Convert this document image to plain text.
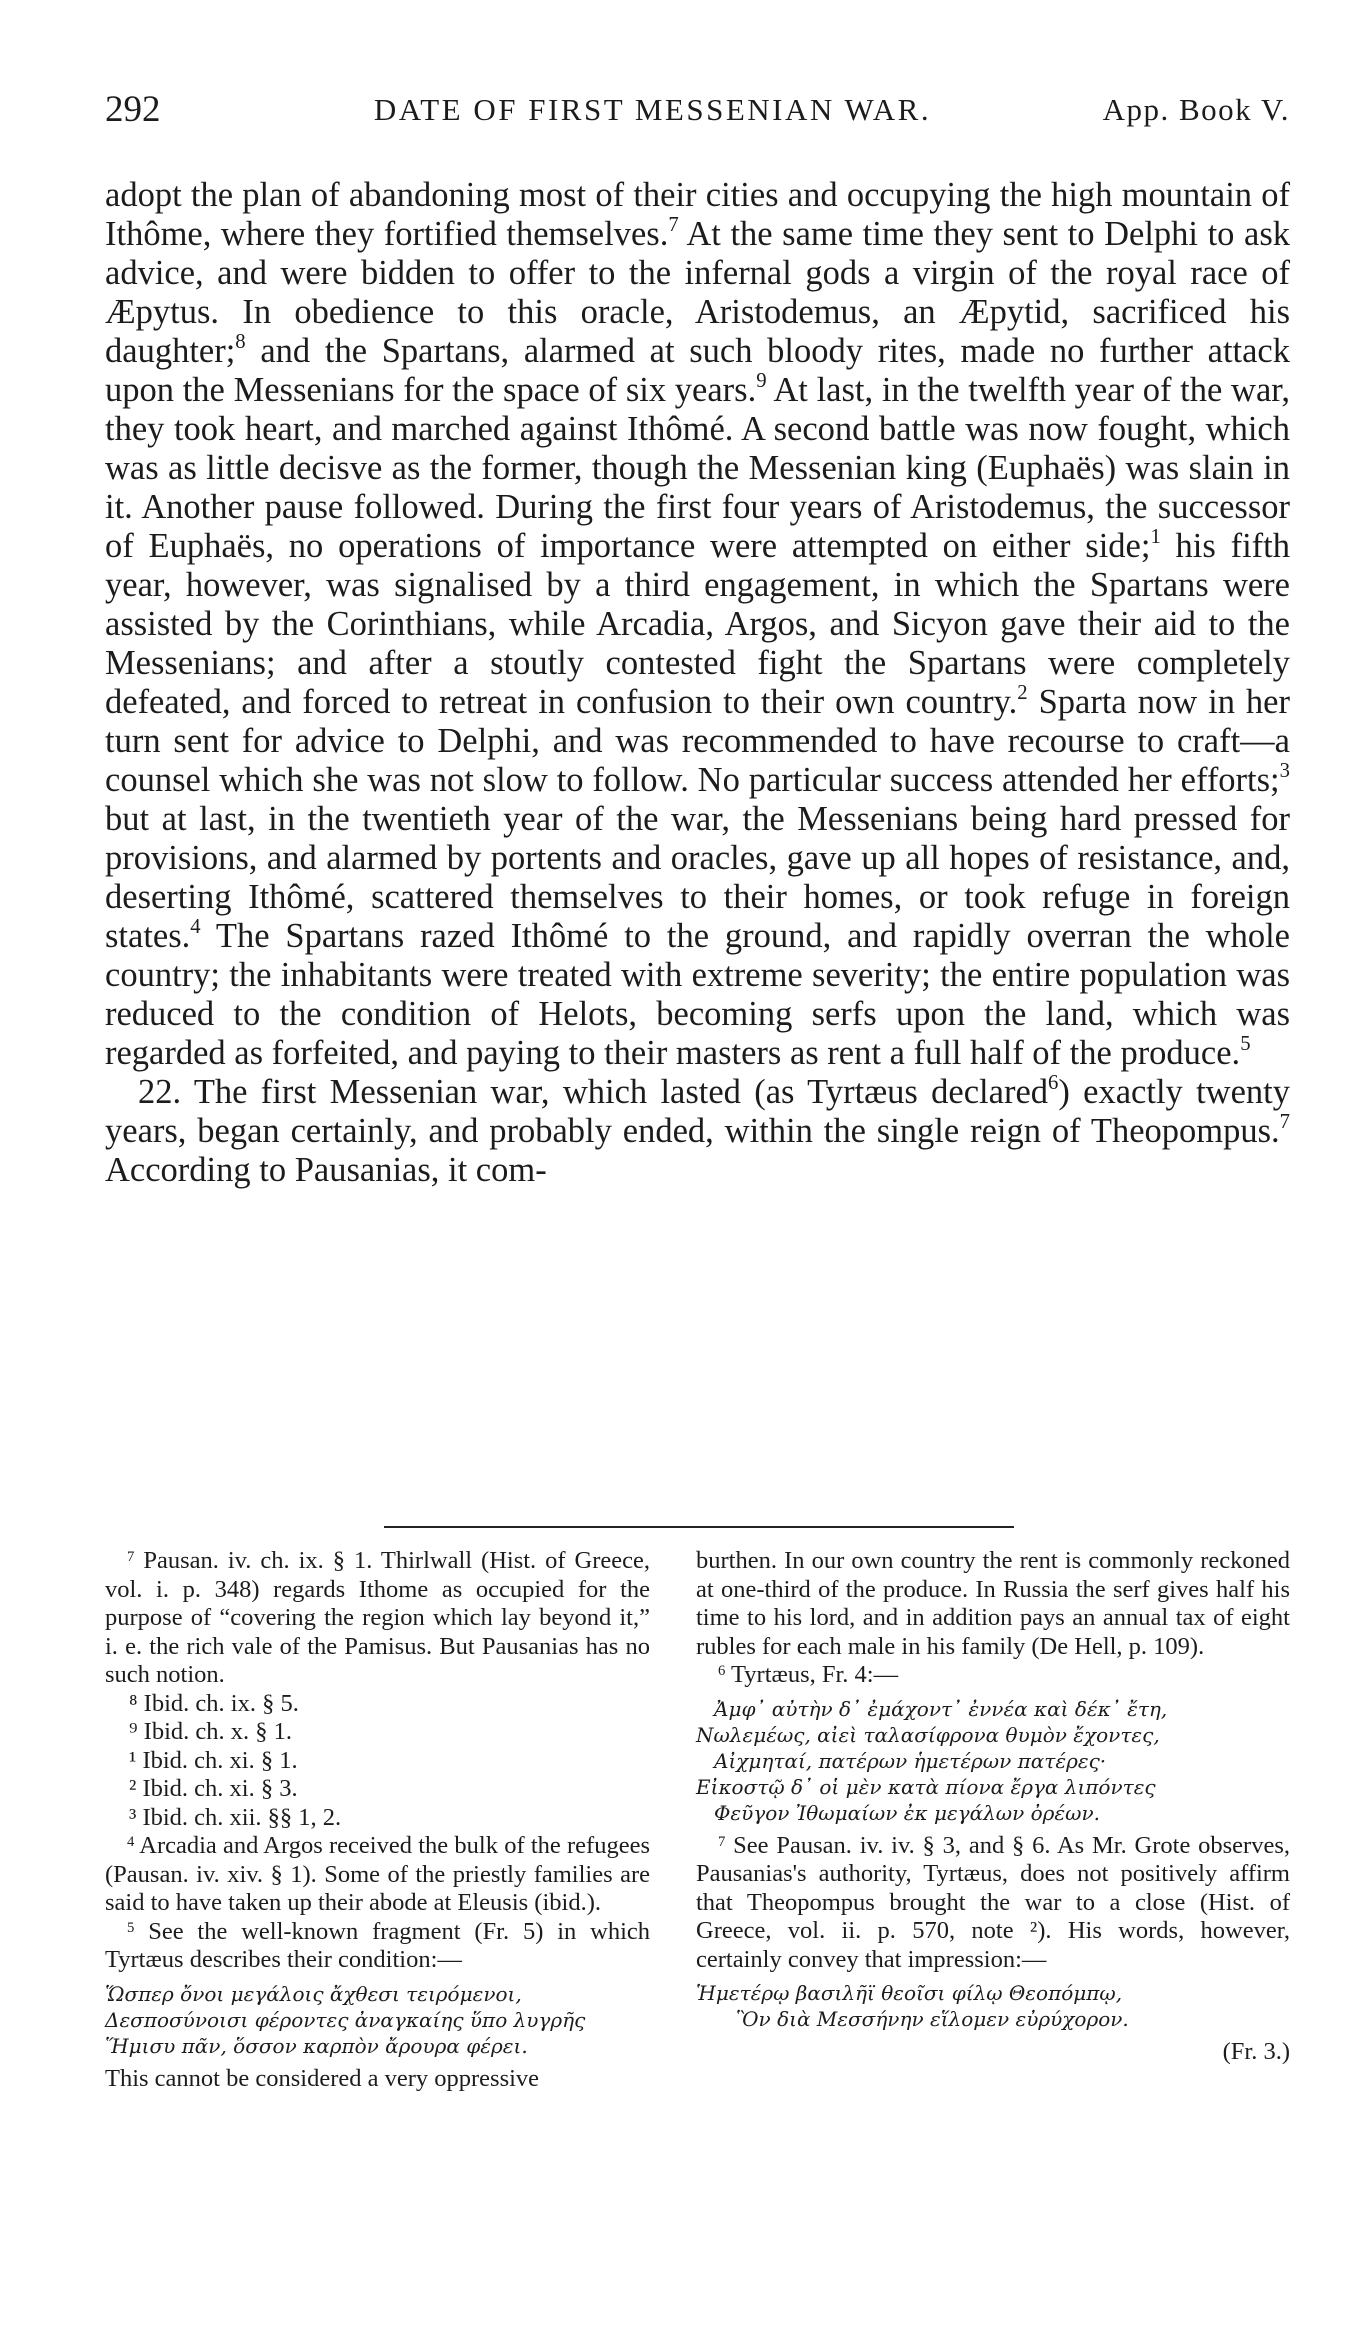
292	DATE OF FIRST MESSENIAN WAR.	App. Book V.

adopt the plan of abandoning most of their cities and occupying the high mountain of Ithôme, where they fortified themselves.$^7$ At the same time they sent to Delphi to ask advice, and were bidden to offer to the infernal gods a virgin of the royal race of Æpytus. In obedience to this oracle, Aristodemus, an Æpytid, sacrificed his daughter;$^8$ and the Spartans, alarmed at such bloody rites, made no further attack upon the Messenians for the space of six years.$^9$ At last, in the twelfth year of the war, they took heart, and marched against Ithômé. A second battle was now fought, which was as little decisve as the former, though the Messenian king (Euphaës) was slain in it. Another pause followed. During the first four years of Aristodemus, the successor of Euphaës, no operations of importance were attempted on either side;$^1$ his fifth year, however, was signalised by a third engagement, in which the Spartans were assisted by the Corinthians, while Arcadia, Argos, and Sicyon gave their aid to the Messenians; and after a stoutly contested fight the Spartans were completely defeated, and forced to retreat in confusion to their own country.$^2$ Sparta now in her turn sent for advice to Delphi, and was recommended to have recourse to craft—a counsel which she was not slow to follow. No particular success attended her efforts;$^3$ but at last, in the twentieth year of the war, the Messenians being hard pressed for provisions, and alarmed by portents and oracles, gave up all hopes of resistance, and, deserting Ithômé, scattered themselves to their homes, or took refuge in foreign states.$^4$ The Spartans razed Ithômé to the ground, and rapidly overran the whole country; the inhabitants were treated with extreme severity; the entire population was reduced to the condition of Helots, becoming serfs upon the land, which was regarded as forfeited, and paying to their masters as rent a full half of the produce.$^5$

22. The first Messenian war, which lasted (as Tyrtæus declared$^6$) exactly twenty years, began certainly, and probably ended, within the single reign of Theopompus.$^7$ According to Pausanias, it com-

$^7$ Pausan. iv. ch. ix. § 1. Thirlwall (Hist. of Greece, vol. i. p. 348) regards Ithome as occupied for the purpose of “covering the region which lay beyond it,” i. e. the rich vale of the Pamisus. But Pausanias has no such notion.

⁸ Ibid. ch. ix. § 5.

⁹ Ibid. ch. x. § 1.

¹ Ibid. ch. xi. § 1.

² Ibid. ch. xi. § 3.

³ Ibid. ch. xii. §§ 1, 2.

$^4$ Arcadia and Argos received the bulk of the refugees (Pausan. iv. xiv. § 1). Some of the priestly families are said to have taken up their abode at Eleusis (ibid.).

$^5$ See the well-known fragment (Fr. 5) in which Tyrtæus describes their condition:—

Ὥσπερ ὄνοι μεγάλοις ἄχθεσι τειρόμενοι,
Δεσποσύνοισι φέροντες ἀναγκαίης ὕπο λυγρῆς
Ἥμισυ πᾶν, ὅσσον καρπὸν ἄρουρα φέρει.

This cannot be considered a very oppressive

burthen. In our own country the rent is commonly reckoned at one-third of the produce. In Russia the serf gives half his time to his lord, and in addition pays an annual tax of eight rubles for each male in his family (De Hell, p. 109).

$^6$ Tyrtæus, Fr. 4:—

Ἀμφ᾽ αὐτὴν δ᾽ ἐμάχοντ᾽ ἐννέα καὶ δέκ᾽ ἔτη,
Νωλεμέως, αἰεὶ ταλασίφρονα θυμὸν ἔχοντες,
Αἰχμηταί, πατέρων ἡμετέρων πατέρες·
Εἰκοστῷ δ᾽ οἱ μὲν κατὰ πίονα ἔργα λιπόντες
Φεῦγον Ἰθωμαίων ἐκ μεγάλων ὀρέων.

$^7$ See Pausan. iv. iv. § 3, and § 6. As Mr. Grote observes, Pausanias's authority, Tyrtæus, does not positively affirm that Theopompus brought the war to a close (Hist. of Greece, vol. ii. p. 570, note ²). His words, however, certainly convey that impression:—

Ἡμετέρῳ βασιλῆϊ θεοῖσι φίλῳ Θεοπόμπῳ,
Ὃν διὰ Μεσσήνην εἵλομεν εὐρύχορον.

(Fr. 3.)
